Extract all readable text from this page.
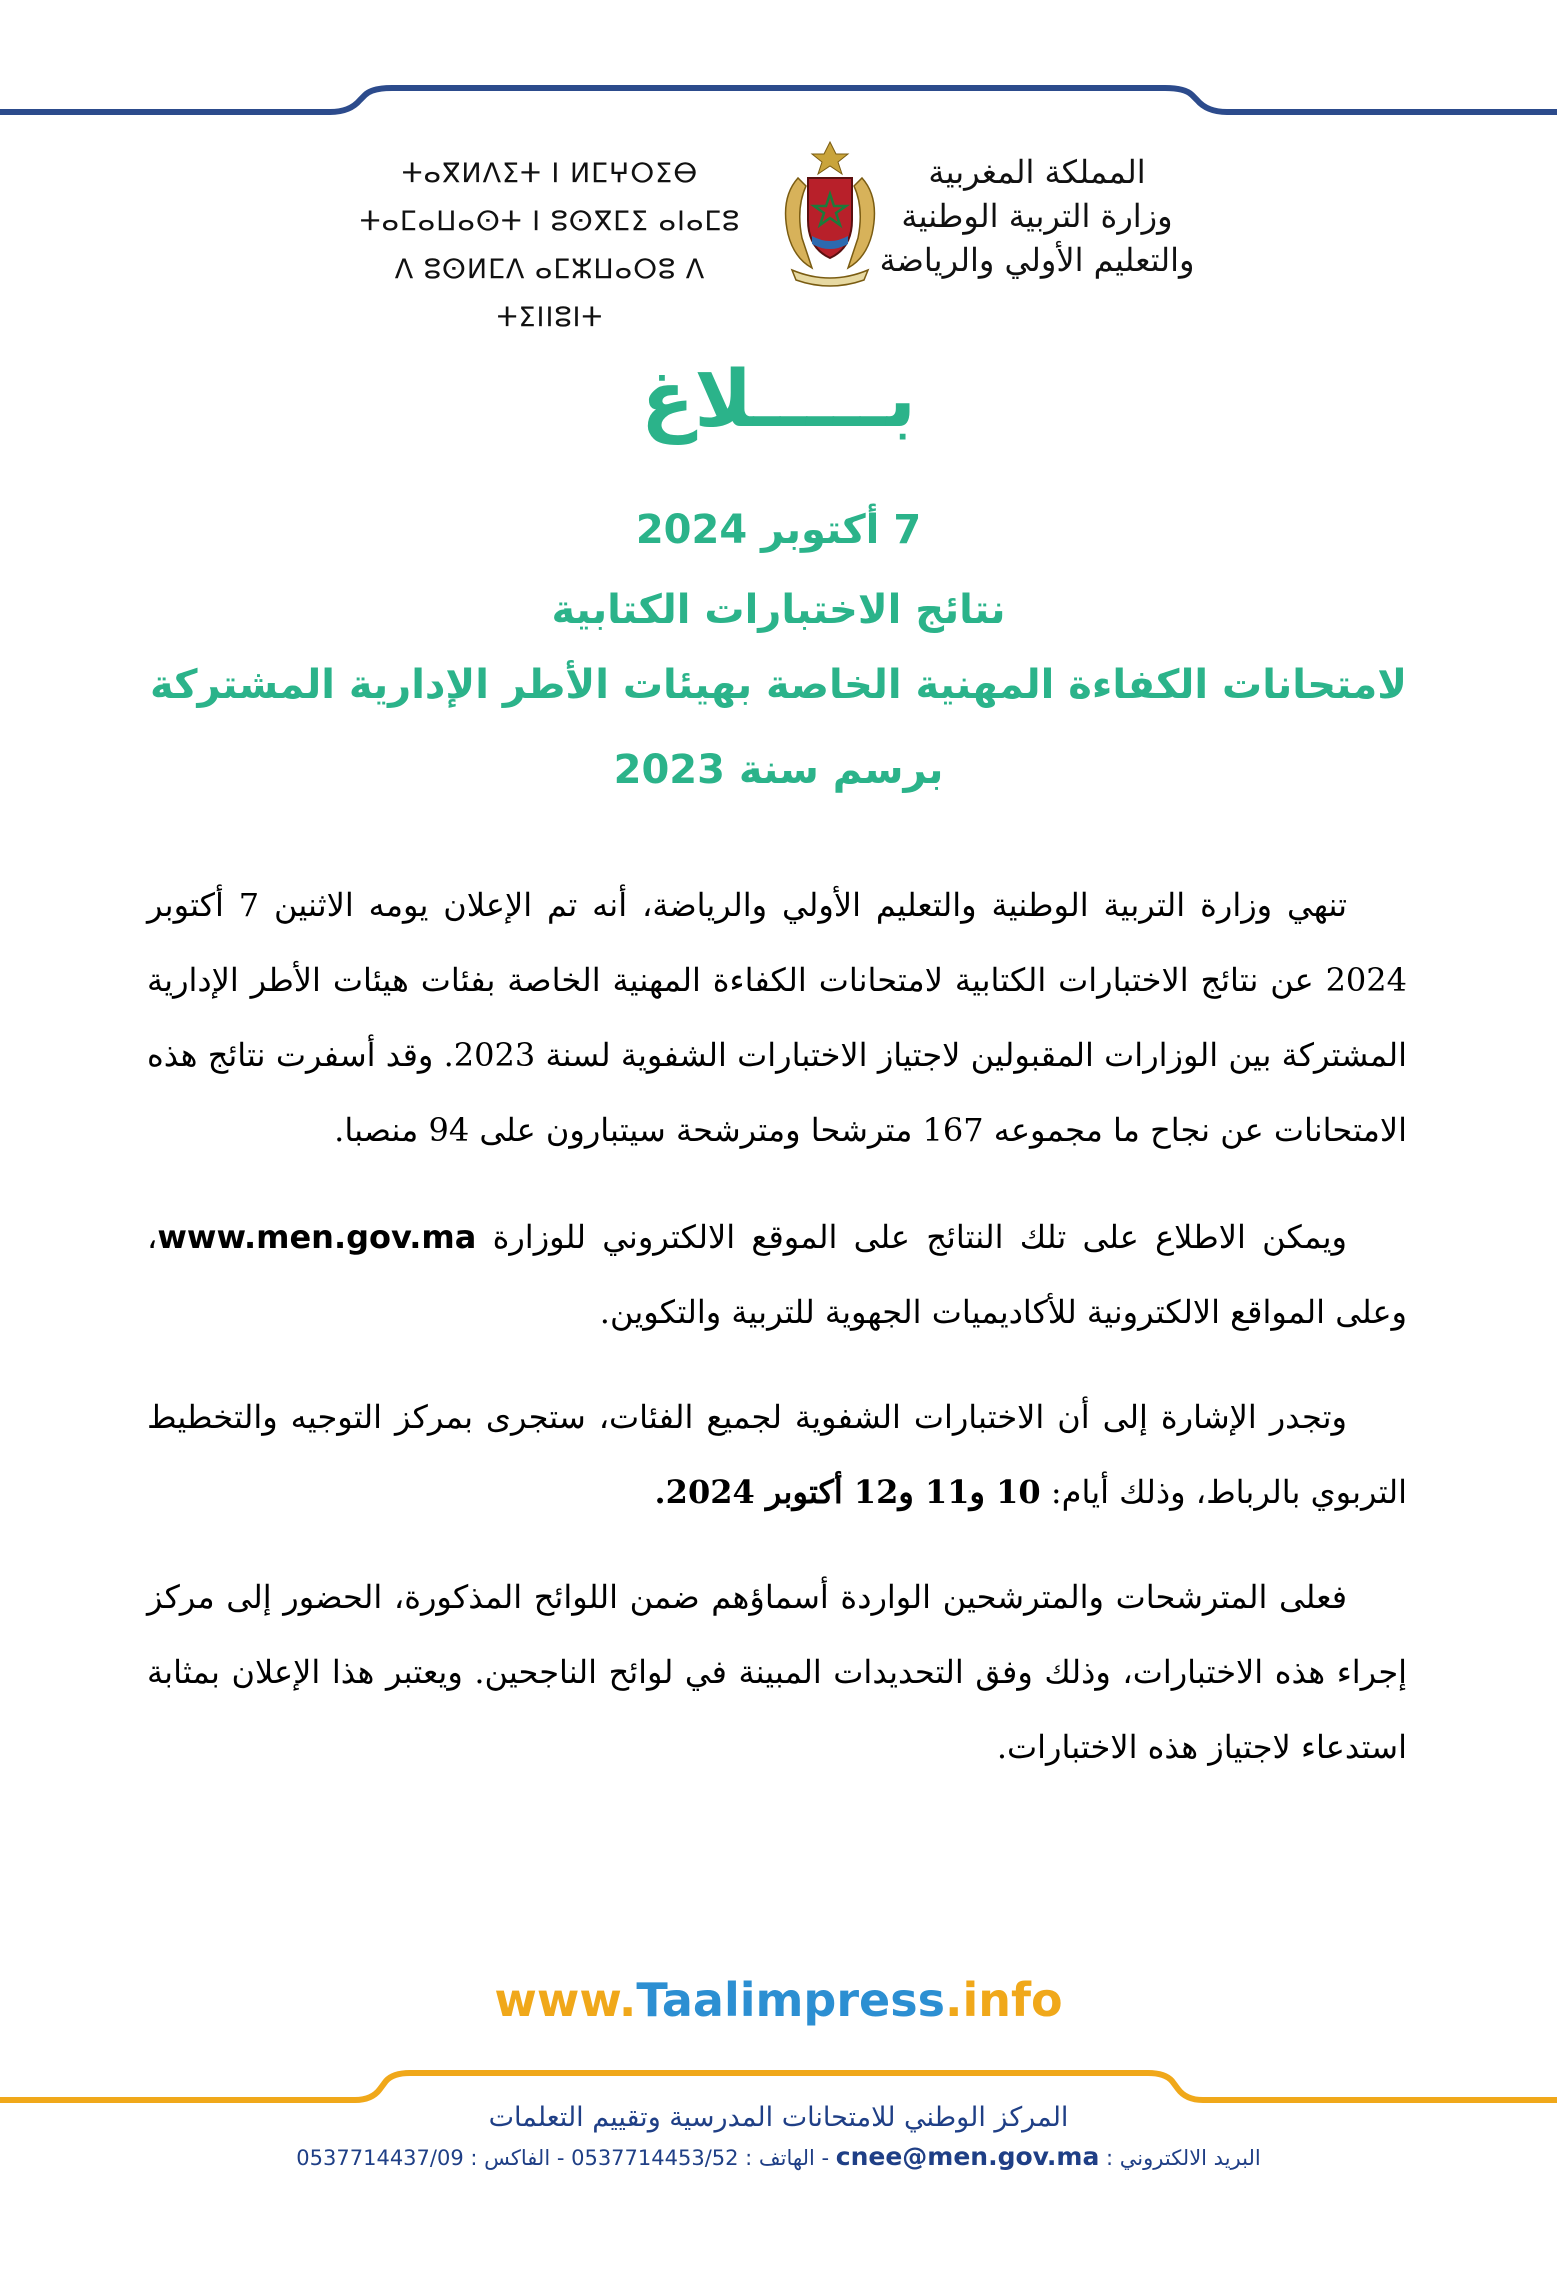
المملكة المغربية
وزارة التربية الوطنية
والتعليم الأولي والرياضة
ⵜⴰⴳⵍⴷⵉⵜ ⵏ ⵍⵎⵖⵔⵉⴱ
ⵜⴰⵎⴰⵡⴰⵙⵜ ⵏ ⵓⵙⴳⵎⵉ ⴰⵏⴰⵎⵓ
ⴷ ⵓⵙⵍⵎⴷ ⴰⵎⵣⵡⴰⵔⵓ ⴷ ⵜⵉⵏⵏⵓⵏⵜ
بـــــلاغ
7 أكتوبر 2024
نتائج الاختبارات الكتابية
لامتحانات الكفاءة المهنية الخاصة بهيئات الأطر الإدارية المشتركة
برسم سنة 2023
تنهي وزارة التربية الوطنية والتعليم الأولي والرياضة، أنه تم الإعلان يومه الاثنين 7 أكتوبر 2024 عن نتائج الاختبارات الكتابية لامتحانات الكفاءة المهنية الخاصة بفئات هيئات الأطر الإدارية المشتركة بين الوزارات المقبولين لاجتياز الاختبارات الشفوية لسنة 2023. وقد أسفرت نتائج هذه الامتحانات عن نجاح ما مجموعه 167 مترشحا ومترشحة سيتبارون على 94 منصبا.
ويمكن الاطلاع على تلك النتائج على الموقع الالكتروني للوزارة www.men.gov.ma، وعلى المواقع الالكترونية للأكاديميات الجهوية للتربية والتكوين.
وتجدر الإشارة إلى أن الاختبارات الشفوية لجميع الفئات، ستجرى بمركز التوجيه والتخطيط التربوي بالرباط، وذلك أيام: 10 و11 و12 أكتوبر 2024.
فعلى المترشحات والمترشحين الواردة أسماؤهم ضمن اللوائح المذكورة، الحضور إلى مركز إجراء هذه الاختبارات، وذلك وفق التحديدات المبينة في لوائح الناجحين. ويعتبر هذا الإعلان بمثابة استدعاء لاجتياز هذه الاختبارات.
www.Taalimpress.info
المركز الوطني للامتحانات المدرسية وتقييم التعلمات
البريد الالكتروني : cnee@men.gov.ma - الهاتف : 0537714453/52 - الفاكس : 0537714437/09
